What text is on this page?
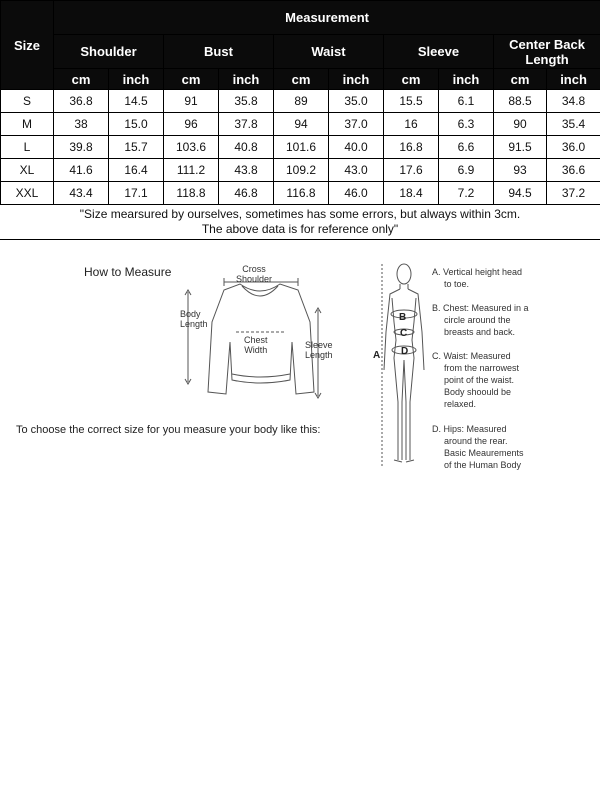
Size	Measurement									
	Shoulder		Bust		Waist		Sleeve		Center Back Length	
	cm	inch	cm	inch	cm	inch	cm	inch	cm	inch
S	36.8	14.5	91	35.8	89	35.0	15.5	6.1	88.5	34.8
M	38	15.0	96	37.8	94	37.0	16	6.3	90	35.4
L	39.8	15.7	103.6	40.8	101.6	40.0	16.8	6.6	91.5	36.0
XL	41.6	16.4	111.2	43.8	109.2	43.0	17.6	6.9	93	36.6
XXL	43.4	17.1	118.8	46.8	116.8	46.0	18.4	7.2	94.5	37.2
"Size mearsured by ourselves, sometimes has some errors, but always within 3cm.
The above data is for reference only"
How to Measure	Cross
Shoulder
Body
Length
Chest
Width	Sleeve
Length
To choose the correct size for you measure your body like this:
A
B
C
D
A. Vertical height head
to toe.
B. Chest: Measured in a
circle around the
breasts and back.
C. Waist: Measured
from the narrowest
point of the waist.
Body shoould be
relaxed.
D. Hips: Measured
around the rear.
Basic Meaurements
of the Human Body
